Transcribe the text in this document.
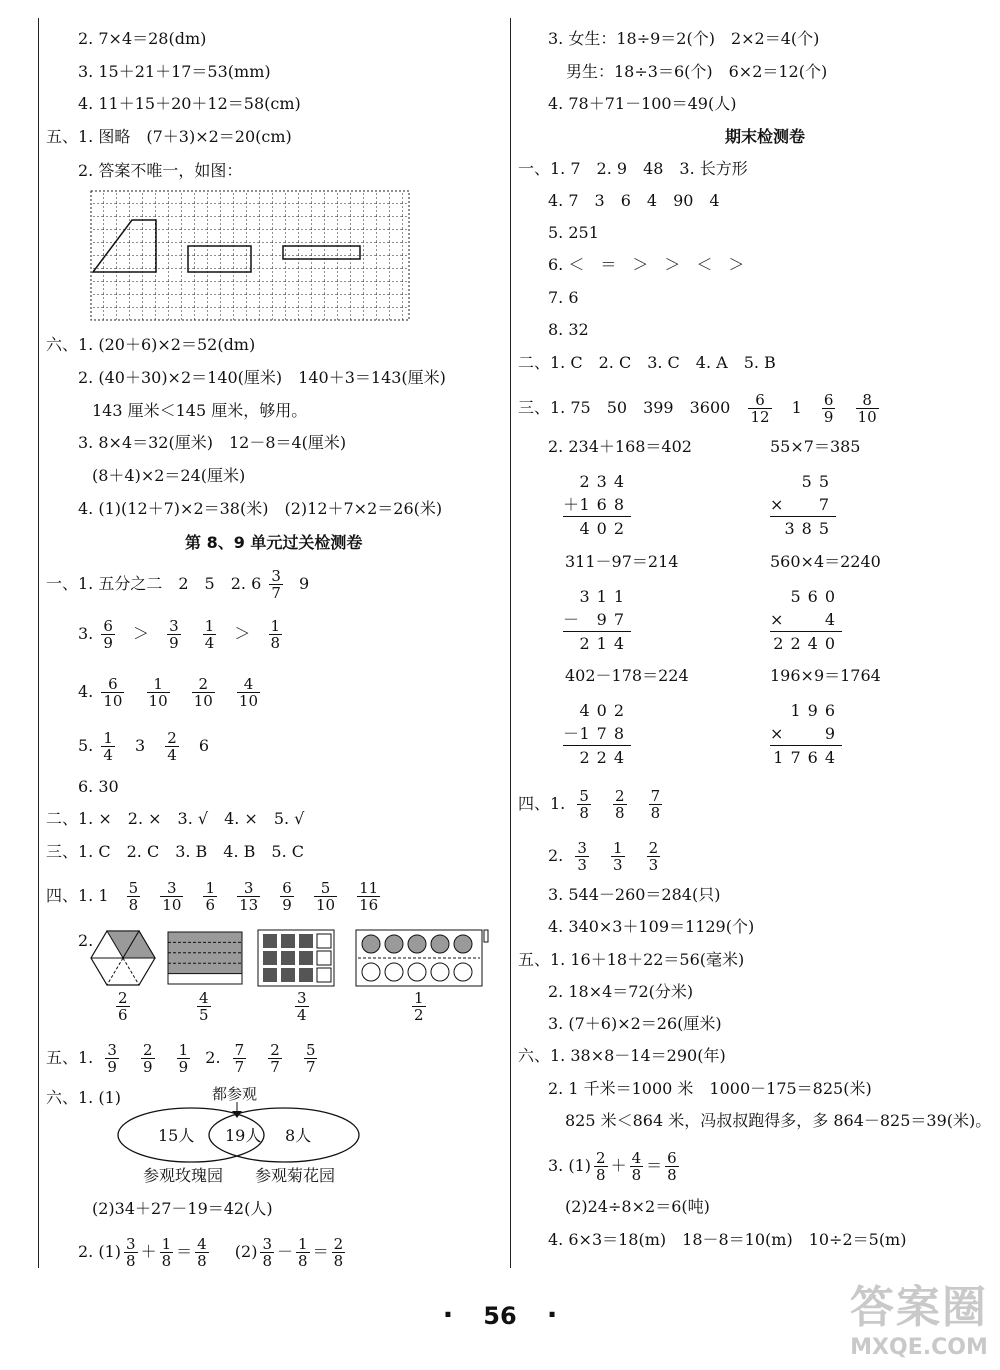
2. 7×4＝28(dm)
3. 15＋21＋17＝53(mm)
4. 11＋15＋20＋12＝58(cm)
五、1. 图略　(7＋3)×2＝20(cm)
2. 答案不唯一，如图：
六、1. (20＋6)×2＝52(dm)
2. (40＋30)×2＝140(厘米)　140＋3＝143(厘米)
143 厘米＜145 厘米，够用。
3. 8×4＝32(厘米)　12－8＝4(厘米)
(8＋4)×2＝24(厘米)
4. (1)(12＋7)×2＝38(米)　(2)12＋7×2＝26(米)
第 8、9 单元过关检测卷
一、1. 五分之二　2　5　2. $6 \frac{3}{7} 9$
3. $\frac{6}{9} > \frac{3}{9}$
$\frac{1}{4} > \frac{1}{8}$
4. $\frac{6}{10}$
$\frac{1}{10}$
$\frac{2}{10}$
$\frac{4}{10}$
5. $\frac{1}{4} 3 \frac{2}{4} 6$
6. 30
二、1. ×　2. ×　3. √　4. ×　5. √
三、1. C　2. C　3. B　4. B　5. C
四、1. $1 \frac{5}{8}$
$\frac{3}{10}$
$\frac{1}{6}$
$\frac{3}{13}$
$\frac{6}{9}$
$\frac{5}{10}$
$\frac{11}{16}$
2.
$\frac{2}{6}$	$\frac{4}{5}$	$\frac{3}{4}$	$\frac{1}{2}$
五、1. $\frac{3}{9}$
$\frac{2}{9}$
$\frac{1}{9} 2$. $\frac{7}{7}$
$\frac{2}{7}$
$\frac{5}{7}$
六、1. (1)	都参观
15人 19人 8人
参观玫瑰园 参观菊花园
(2)34＋27－19＝42(人)
2. $(1) \frac{3}{8} + \frac{1}{8} = \frac{4}{8} (2) \frac{3}{8} - \frac{1}{8} = \frac{2}{8}$
3. 女生：18÷9＝2(个)　2×2＝4(个)
男生：18÷3＝6(个)　6×2＝12(个)
4. 78＋71－100＝49(人)
期末检测卷
一、1. 7　2. 9　48　3. 长方形
4. 7　3　6　4　90　4
5. 251
6. ＜　＝　＞　＞　＜　＞
7. 6
8. 32
二、1. C　2. C　3. C　4. A　5. B
三、1. 75　50　399　$3600 \frac{6}{12} 1 \frac{6}{9}$
$\frac{8}{10}$
2. 234＋168＝402	55×7＝385
234
＋ 168
402
55
× 7
385
311－97＝214	560×4＝2240
311
－ 97
214
560
×	4
2240
402－178＝224	196×9＝1764
402
－ 178
224
196
×	9
1764
四、1. $\frac{5}{8}$
$\frac{2}{8}$
$\frac{7}{8}$
2. $\frac{3}{3}$
$\frac{1}{3}$
$\frac{2}{3}$
3. 544－260＝284(只)
4. 340×3＋109＝1129(个)
五、1. 16＋18＋22＝56(毫米)
2. 18×4＝72(分米)
3. (7＋6)×2＝26(厘米)
六、1. 38×8－14＝290(年)
2. 1 千米＝1000 米　1000－175＝825(米)
825 米＜864 米，冯叔叔跑得多，多 864－825＝39(米)。
3. $(1) \frac{2}{8} + \frac{4}{8} = \frac{6}{8}$
(2)24÷8×2＝6(吨)
4. 6×3＝18(m)　18－8＝10(m)　10÷2＝5(m)
· 56 ·	答案圈
MXQE.COM
